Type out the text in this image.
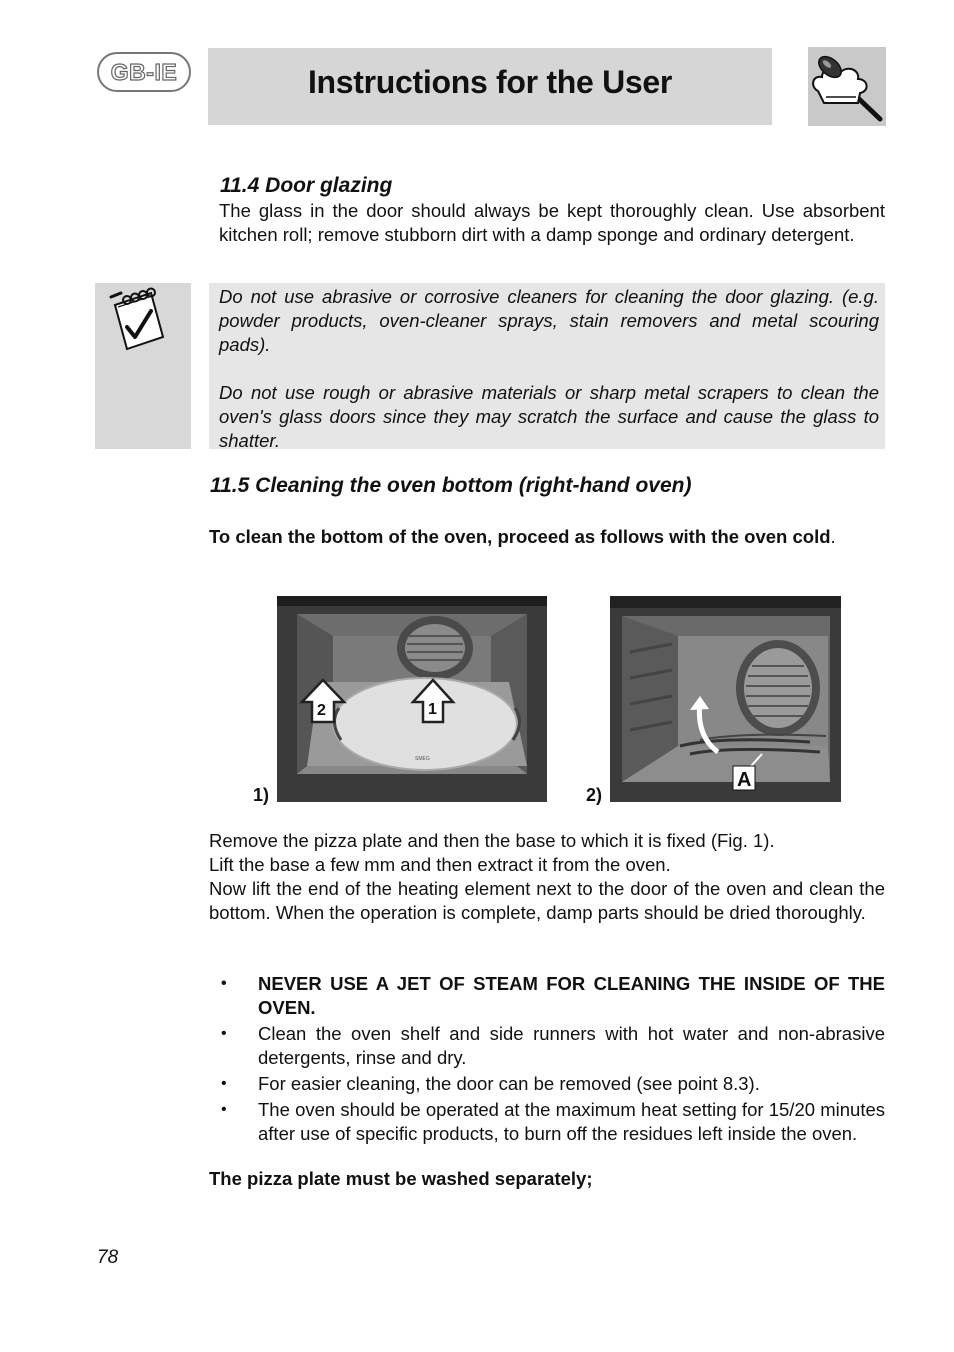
GB-IE	Instructions for the User
11.4 Door glazing
The glass in the door should always be kept thoroughly clean. Use absorbent kitchen roll; remove stubborn dirt with a damp sponge and ordinary detergent.

Do not use abrasive or corrosive cleaners for cleaning the door glazing. (e.g. powder products, oven-cleaner sprays, stain removers and metal scouring pads).

Do not use rough or abrasive materials or sharp metal scrapers to clean the oven's glass doors since they may scratch the surface and cause the glass to shatter.

11.5 Cleaning the oven bottom (right-hand oven)
To clean the bottom of the oven, proceed as follows with the oven cold.
1)
SMEG
2	1
2)
A
Remove the pizza plate and then the base to which it is fixed (Fig. 1).
Lift the base a few mm and then extract it from the oven.
Now lift the end of the heating element next to the door of the oven and clean the bottom. When the operation is complete, damp parts should be dried thoroughly.
• NEVER USE A JET OF STEAM FOR CLEANING THE INSIDE OF THE OVEN.
• Clean the oven shelf and side runners with hot water and non-abrasive detergents, rinse and dry.
• For easier cleaning, the door can be removed (see point 8.3).
• The oven should be operated at the maximum heat setting for 15/20 minutes after use of specific products, to burn off the residues left inside the oven.
The pizza plate must be washed separately;
78
